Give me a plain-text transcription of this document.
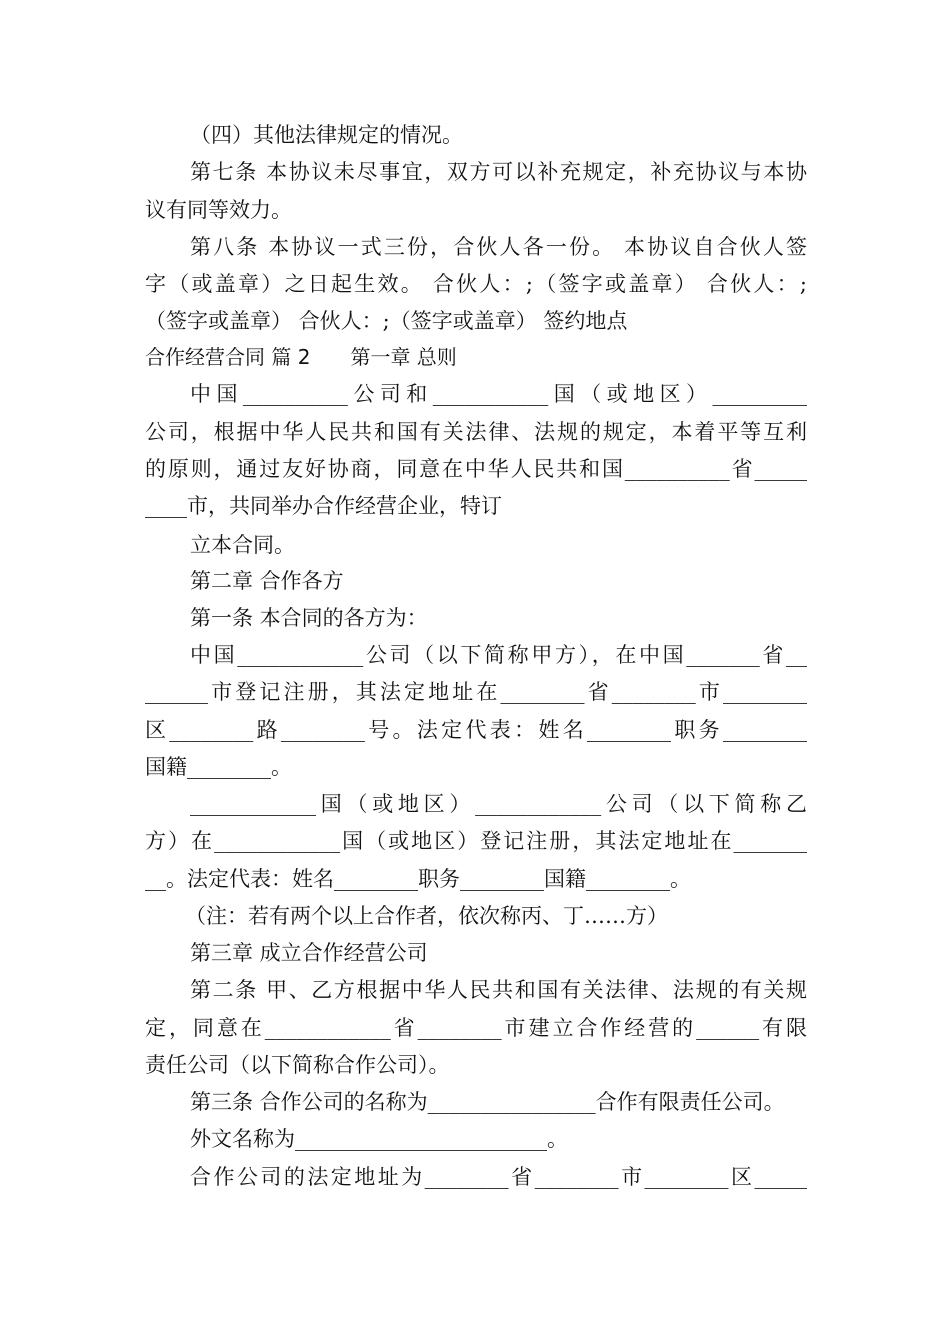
（四）其他法律规定的情况。
第七条 本协议未尽事宜，双方可以补充规定，补充协议与本协
议有同等效力。
第八条 本协议一式三份，合伙人各一份。 本协议自合伙人签
字（或盖章）之日起生效。 合伙人：;（签字或盖章） 合伙人：;
（签字或盖章） 合伙人：;（签字或盖章） 签约地点
合作经营合同 篇 2　　第一章 总则
中国__________公司和___________国（或地区）_________
公司，根据中华人民共和国有关法律、法规的规定，本着平等互利
的原则，通过友好协商，同意在中华人民共和国__________省_____
____市，共同举办合作经营企业，特订
立本合同。
第二章 合作各方
第一条 本合同的各方为：
中国____________公司（以下简称甲方），在中国_______省__
______市登记注册，其法定地址在________省________市________
区________路________号。法定代表：姓名________职务________
国籍________。
____________国（或地区）____________公司（以下简称乙
方）在____________国（或地区）登记注册，其法定地址在_______
__。法定代表：姓名________职务________国籍________。
（注：若有两个以上合作者，依次称丙、丁……方）
第三章 成立合作经营公司
第二条 甲、乙方根据中华人民共和国有关法律、法规的有关规
定，同意在____________省________市建立合作经营的______有限
责任公司（以下简称合作公司）。
第三条 合作公司的名称为________________合作有限责任公司。
外文名称为________________________。
合作公司的法定地址为________省________市________区_____
